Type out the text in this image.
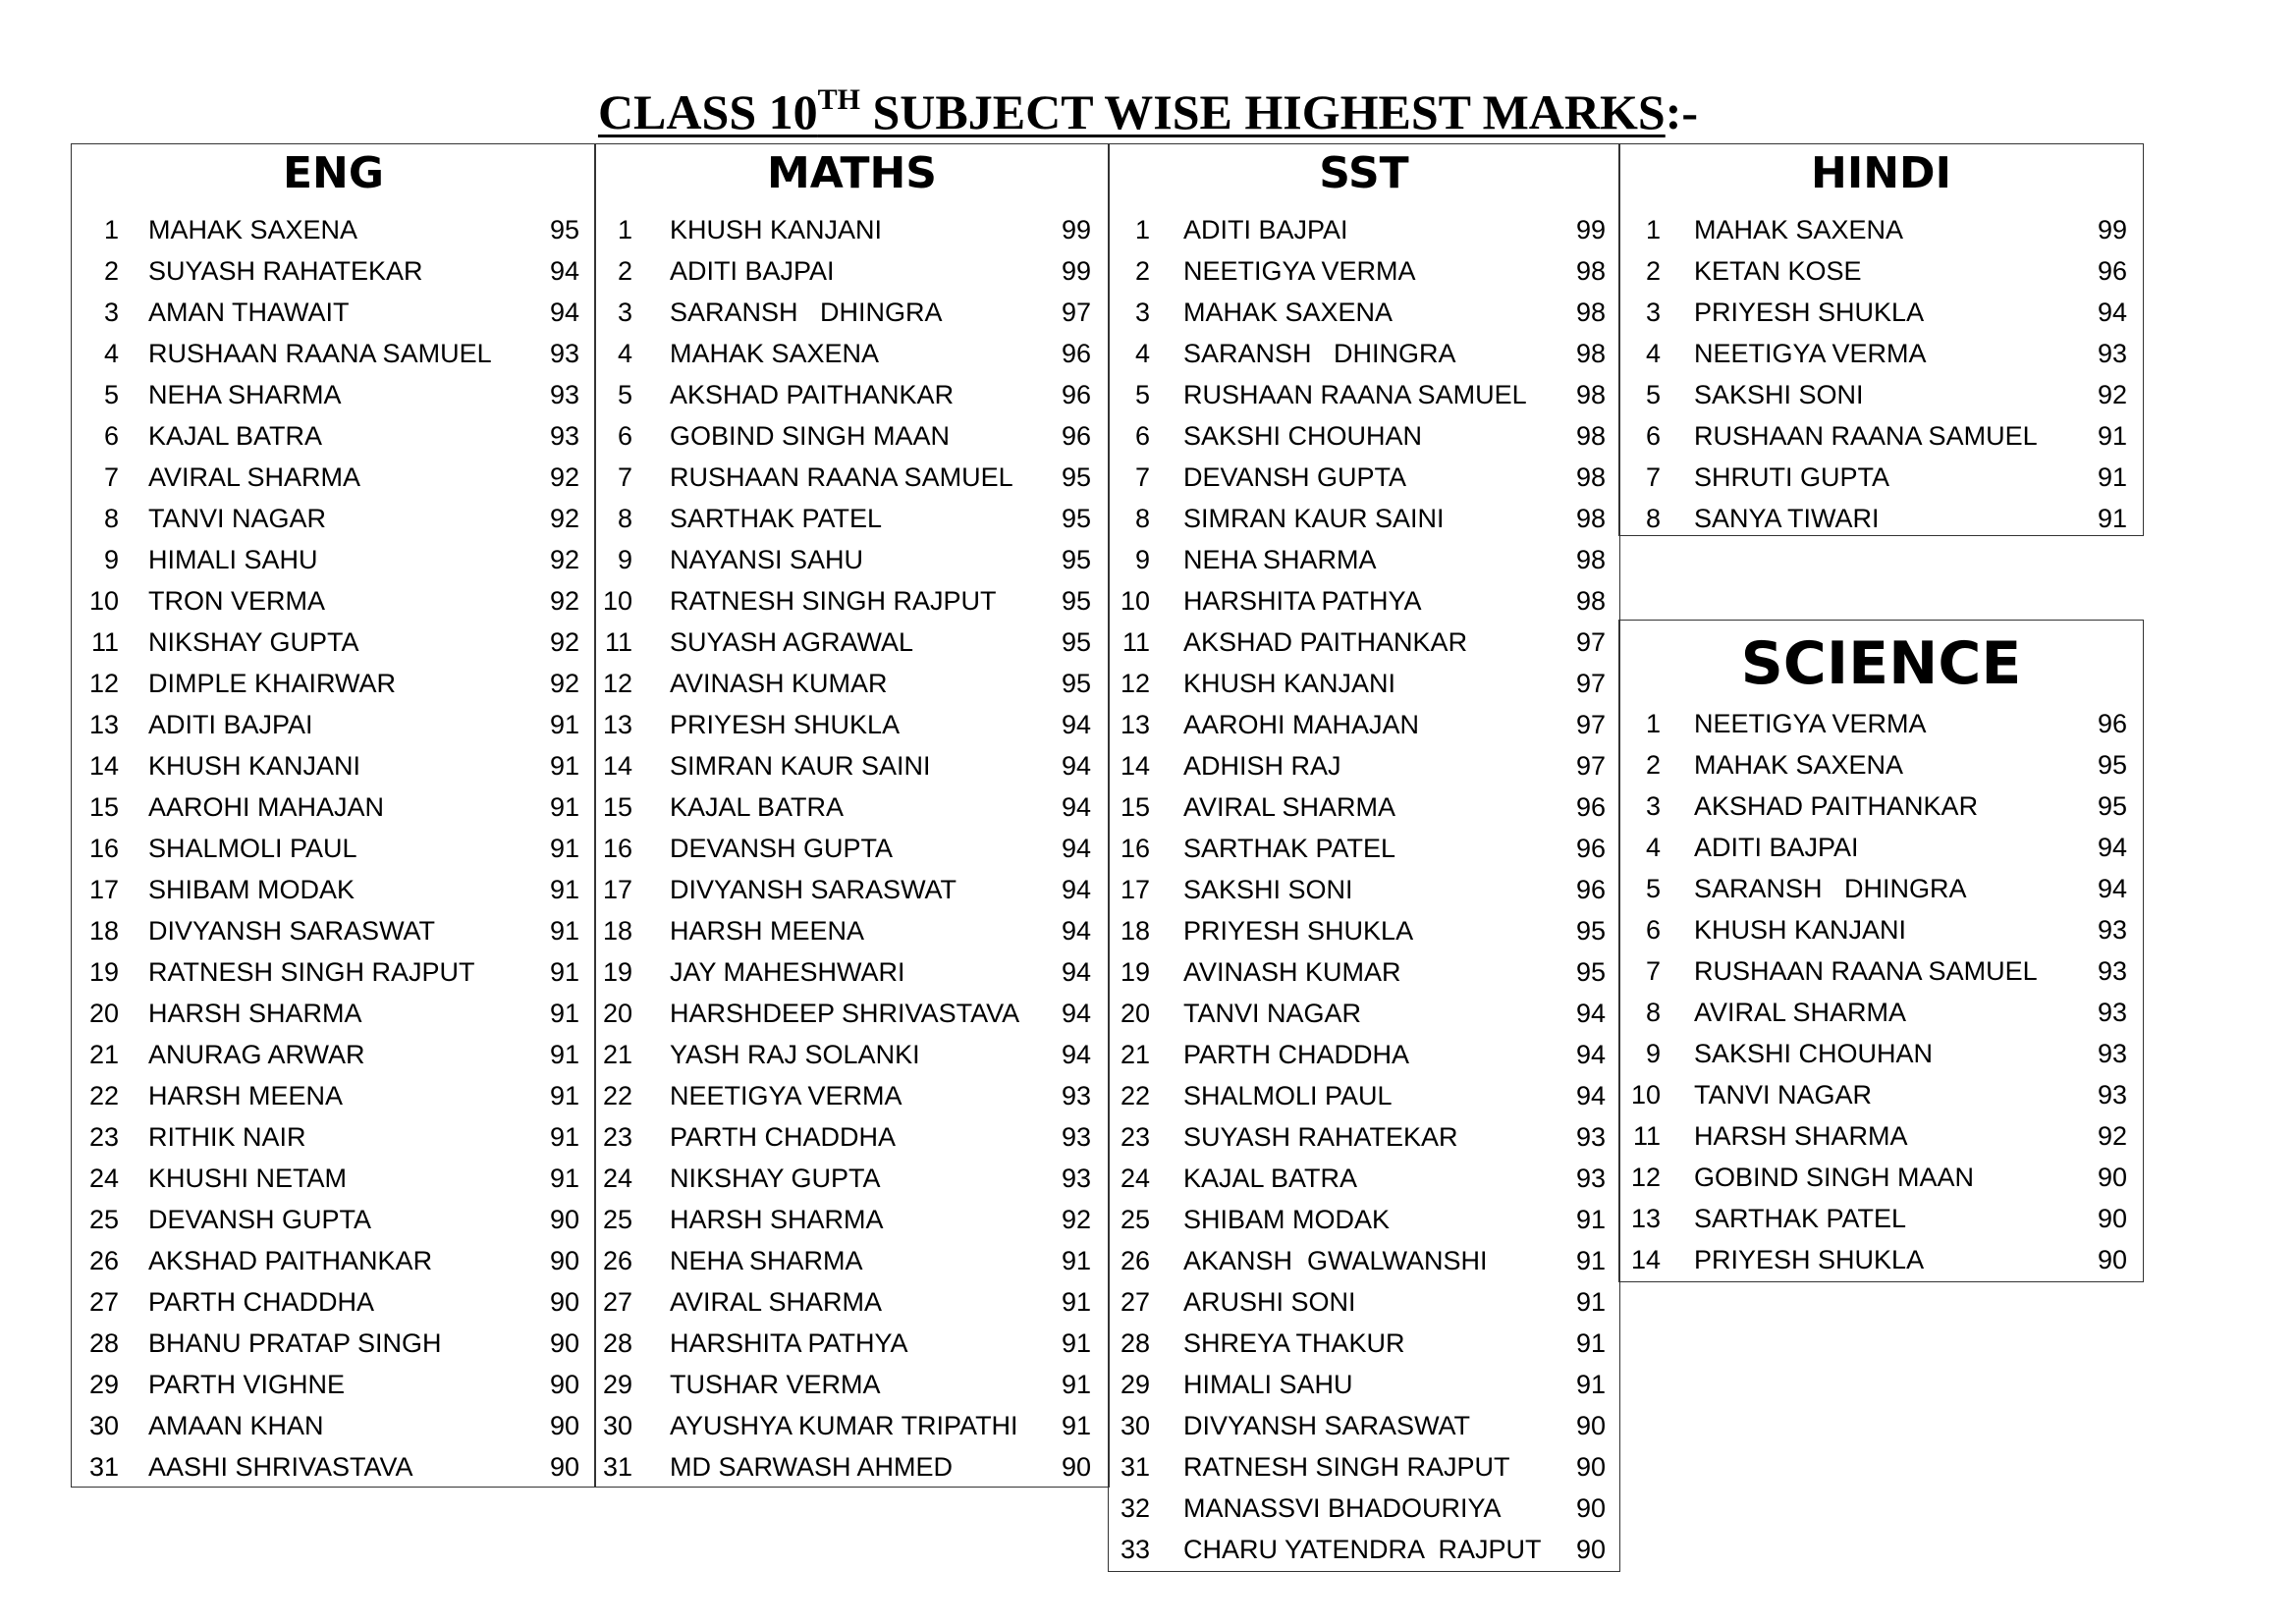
CLASS 10TH SUBJECT WISE HIGHEST MARKS:-
ENG
1 MAHAK SAXENA	95
2 SUYASH RAHATEKAR	94
3 AMAN THAWAIT	94
4 RUSHAAN RAANA SAMUEL 93
5 NEHA SHARMA	93
6 KAJAL BATRA	93
7 AVIRAL SHARMA	92
8 TANVI NAGAR	92
9 HIMALI SAHU	92
10 TRON VERMA	92
11 NIKSHAY GUPTA	92
12 DIMPLE KHAIRWAR	92
13 ADITI BAJPAI	91
14 KHUSH KANJANI	91
15 AAROHI MAHAJAN	91
16 SHALMOLI PAUL	91
17 SHIBAM MODAK	91
18 DIVYANSH SARASWAT	91
19 RATNESH SINGH RAJPUT	91
20 HARSH SHARMA	91
21 ANURAG ARWAR	91
22 HARSH MEENA	91
23 RITHIK NAIR	91
24 KHUSHI NETAM	91
25 DEVANSH GUPTA	90
26 AKSHAD PAITHANKAR	90
27 PARTH CHADDHA	90
28 BHANU PRATAP SINGH	90
29 PARTH VIGHNE	90
30 AMAAN KHAN	90
31 AASHI SHRIVASTAVA	90
MATHS
1 KHUSH KANJANI	99
2 ADITI BAJPAI	99
3 SARANSH   DHINGRA	97
4 MAHAK SAXENA	96
5 AKSHAD PAITHANKAR	96
6 GOBIND SINGH MAAN	96
7 RUSHAAN RAANA SAMUEL 95
8 SARTHAK PATEL	95
9 NAYANSI SAHU	95
10 RATNESH SINGH RAJPUT 95
11 SUYASH AGRAWAL	95
12 AVINASH KUMAR	95
13 PRIYESH SHUKLA	94
14 SIMRAN KAUR SAINI	94
15 KAJAL BATRA	94
16 DEVANSH GUPTA	94
17 DIVYANSH SARASWAT	94
18 HARSH MEENA	94
19 JAY MAHESHWARI	94
20 HARSHDEEP SHRIVASTAVA 94
21 YASH RAJ SOLANKI	94
22 NEETIGYA VERMA	93
23 PARTH CHADDHA	93
24 NIKSHAY GUPTA	93
25 HARSH SHARMA	92
26 NEHA SHARMA	91
27 AVIRAL SHARMA	91
28 HARSHITA PATHYA	91
29 TUSHAR VERMA	91
30 AYUSHYA KUMAR TRIPATHI 91
31 MD SARWASH AHMED	90
SST
1 ADITI BAJPAI	99
2 NEETIGYA VERMA	98
3 MAHAK SAXENA	98
4 SARANSH   DHINGRA	98
5 RUSHAAN RAANA SAMUEL 98
6 SAKSHI CHOUHAN	98
7 DEVANSH GUPTA	98
8 SIMRAN KAUR SAINI	98
9 NEHA SHARMA	98
10 HARSHITA PATHYA	98
11 AKSHAD PAITHANKAR	97
12 KHUSH KANJANI	97
13 AAROHI MAHAJAN	97
14 ADHISH RAJ	97
15 AVIRAL SHARMA	96
16 SARTHAK PATEL	96
17 SAKSHI SONI	96
18 PRIYESH SHUKLA	95
19 AVINASH KUMAR	95
20 TANVI NAGAR	94
21 PARTH CHADDHA	94
22 SHALMOLI PAUL	94
23 SUYASH RAHATEKAR	93
24 KAJAL BATRA	93
25 SHIBAM MODAK	91
26 AKANSH  GWALWANSHI	91
27 ARUSHI SONI	91
28 SHREYA THAKUR	91
29 HIMALI SAHU	91
30 DIVYANSH SARASWAT	90
31 RATNESH SINGH RAJPUT 90
32 MANASSVI BHADOURIYA	90
33 CHARU YATENDRA  RAJPUT 90
HINDI
1 MAHAK SAXENA	99
2 KETAN KOSE	96
3 PRIYESH SHUKLA	94
4 NEETIGYA VERMA	93
5 SAKSHI SONI	92
6 RUSHAAN RAANA SAMUEL 91
7 SHRUTI GUPTA	91
8 SANYA TIWARI	91
SCIENCE
1 NEETIGYA VERMA	96
2 MAHAK SAXENA	95
3 AKSHAD PAITHANKAR	95
4 ADITI BAJPAI	94
5 SARANSH   DHINGRA	94
6 KHUSH KANJANI	93
7 RUSHAAN RAANA SAMUEL 93
8 AVIRAL SHARMA	93
9 SAKSHI CHOUHAN	93
10 TANVI NAGAR	93
11 HARSH SHARMA	92
12 GOBIND SINGH MAAN	90
13 SARTHAK PATEL	90
14 PRIYESH SHUKLA	90
